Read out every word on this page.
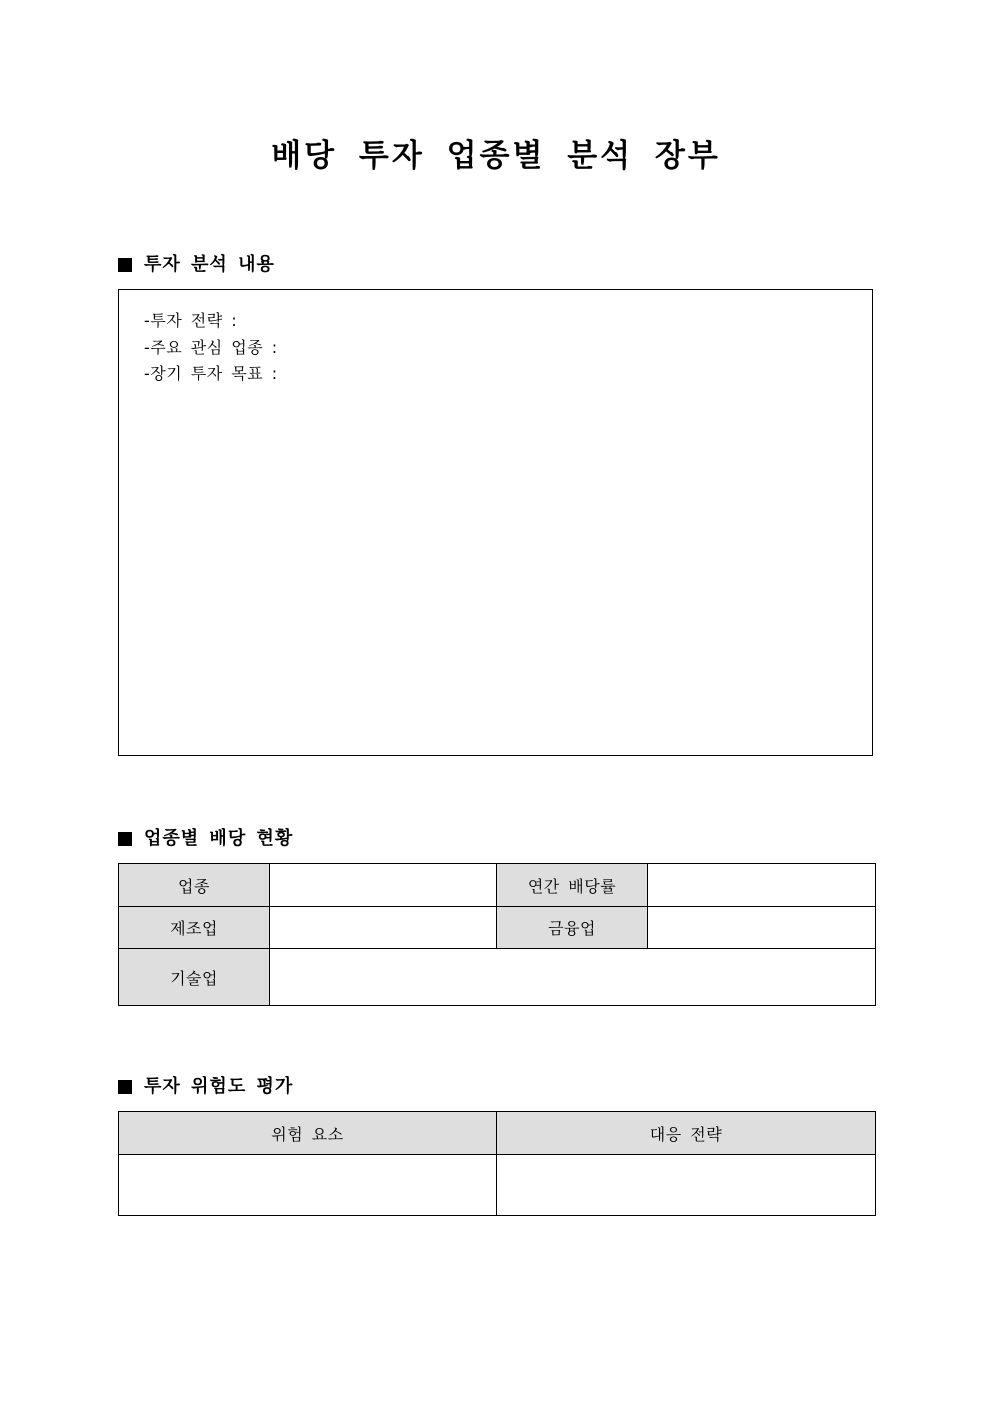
배당 투자 업종별 분석 장부
투자 분석 내용
-투자 전략 :
-주요 관심 업종 :
-장기 투자 목표 :
업종별 배당 현황
업종		연간 배당률	
제조업		금융업	
기술업			
투자 위험도 평가
위험 요소	대응 전략
